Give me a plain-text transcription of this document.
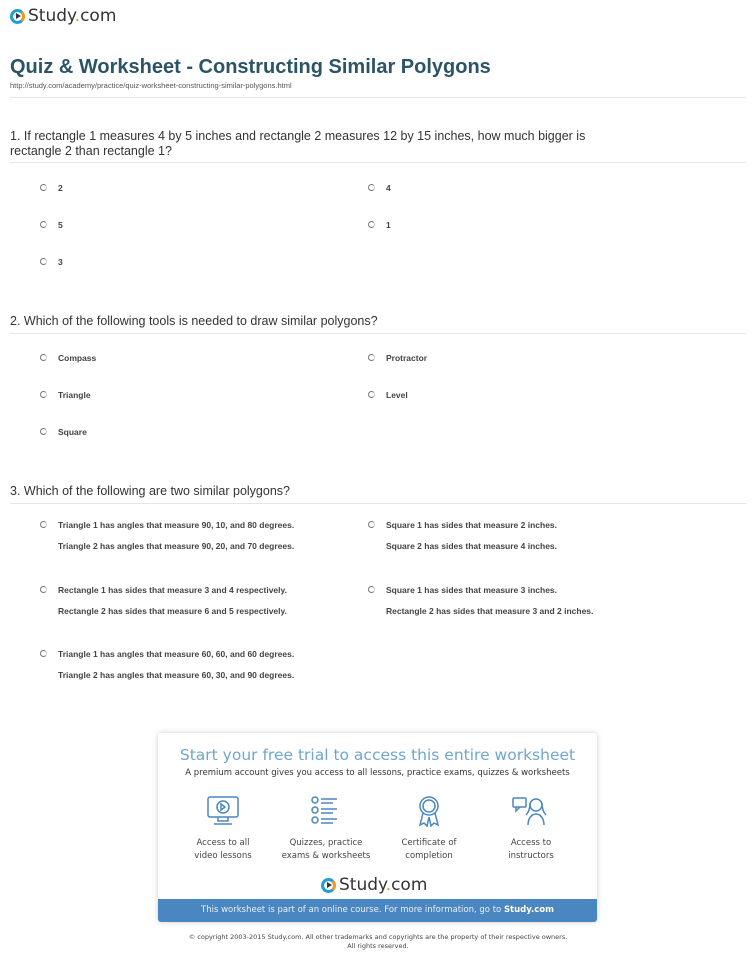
Study.com
Quiz & Worksheet - Constructing Similar Polygons
http://study.com/academy/practice/quiz-worksheet-constructing-similar-polygons.html
1. If rectangle 1 measures 4 by 5 inches and rectangle 2 measures 12 by 15 inches, how much bigger is rectangle 2 than rectangle 1?
2	4
5	1
3
2. Which of the following tools is needed to draw similar polygons?
Compass	Protractor
Triangle	Level
Square
3. Which of the following are two similar polygons?
Triangle 1 has angles that measure 90, 10, and 80 degrees.
Triangle 2 has angles that measure 90, 20, and 70 degrees.
Square 1 has sides that measure 2 inches.
Square 2 has sides that measure 4 inches.
Rectangle 1 has sides that measure 3 and 4 respectively.
Rectangle 2 has sides that measure 6 and 5 respectively.
Square 1 has sides that measure 3 inches.
Rectangle 2 has sides that measure 3 and 2 inches.
Triangle 1 has angles that measure 60, 60, and 60 degrees.
Triangle 2 has angles that measure 60, 30, and 90 degrees.
Start your free trial to access this entire worksheet
A premium account gives you access to all lessons, practice exams, quizzes & worksheets
Access to all
video lessons
Quizzes, practice
exams & worksheets
Certificate of
completion
Access to
instructors
Study.com
This worksheet is part of an online course. For more information, go to Study.com
© copyright 2003-2015 Study.com. All other trademarks and copyrights are the property of their respective owners.
All rights reserved.
